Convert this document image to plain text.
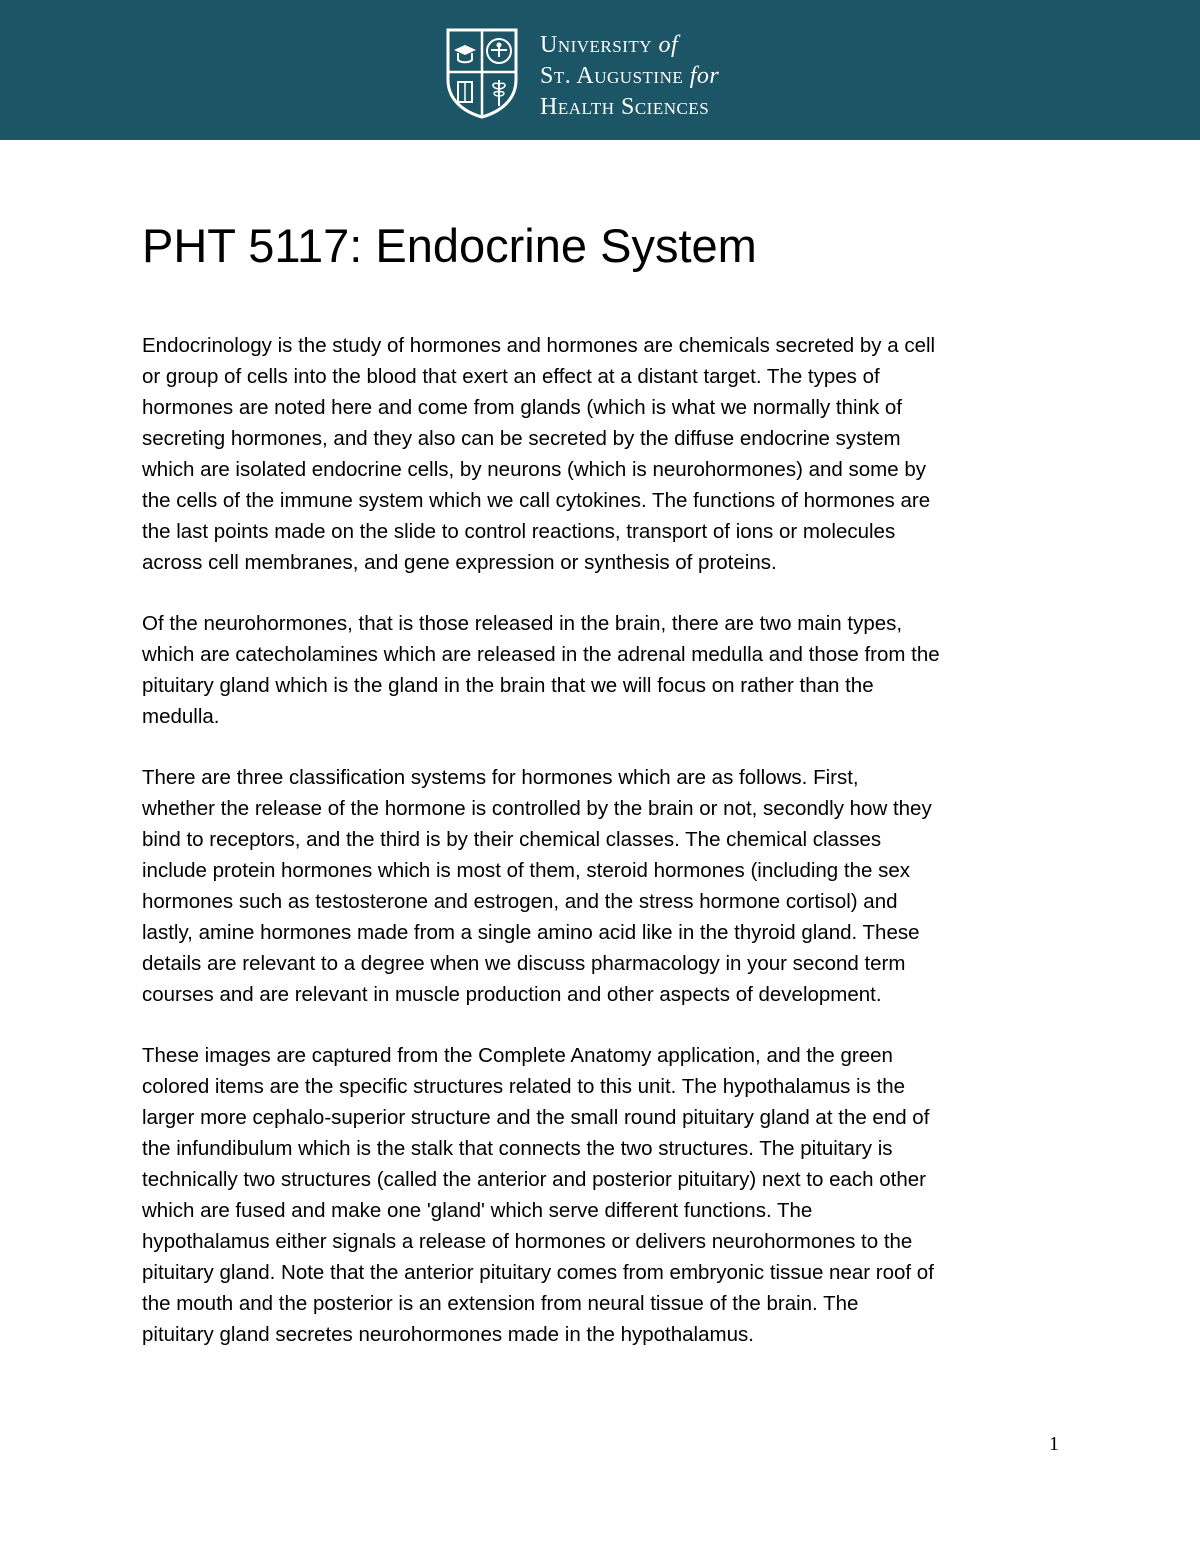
University of
St. Augustine for
Health Sciences
PHT 5117: Endocrine System

Endocrinology is the study of hormones and hormones are chemicals secreted by a cell
or group of cells into the blood that exert an effect at a distant target. The types of
hormones are noted here and come from glands (which is what we normally think of
secreting hormones, and they also can be secreted by the diffuse endocrine system
which are isolated endocrine cells, by neurons (which is neurohormones) and some by
the cells of the immune system which we call cytokines. The functions of hormones are
the last points made on the slide to control reactions, transport of ions or molecules
across cell membranes, and gene expression or synthesis of proteins.

Of the neurohormones, that is those released in the brain, there are two main types,
which are catecholamines which are released in the adrenal medulla and those from the
pituitary gland which is the gland in the brain that we will focus on rather than the
medulla.

There are three classification systems for hormones which are as follows. First,
whether the release of the hormone is controlled by the brain or not, secondly how they
bind to receptors, and the third is by their chemical classes. The chemical classes
include protein hormones which is most of them, steroid hormones (including the sex
hormones such as testosterone and estrogen, and the stress hormone cortisol) and
lastly, amine hormones made from a single amino acid like in the thyroid gland. These
details are relevant to a degree when we discuss pharmacology in your second term
courses and are relevant in muscle production and other aspects of development.

These images are captured from the Complete Anatomy application, and the green
colored items are the specific structures related to this unit. The hypothalamus is the
larger more cephalo-superior structure and the small round pituitary gland at the end of
the infundibulum which is the stalk that connects the two structures. The pituitary is
technically two structures (called the anterior and posterior pituitary) next to each other
which are fused and make one 'gland' which serve different functions. The
hypothalamus either signals a release of hormones or delivers neurohormones to the
pituitary gland. Note that the anterior pituitary comes from embryonic tissue near roof of
the mouth and the posterior is an extension from neural tissue of the brain. The
pituitary gland secretes neurohormones made in the hypothalamus.

1
